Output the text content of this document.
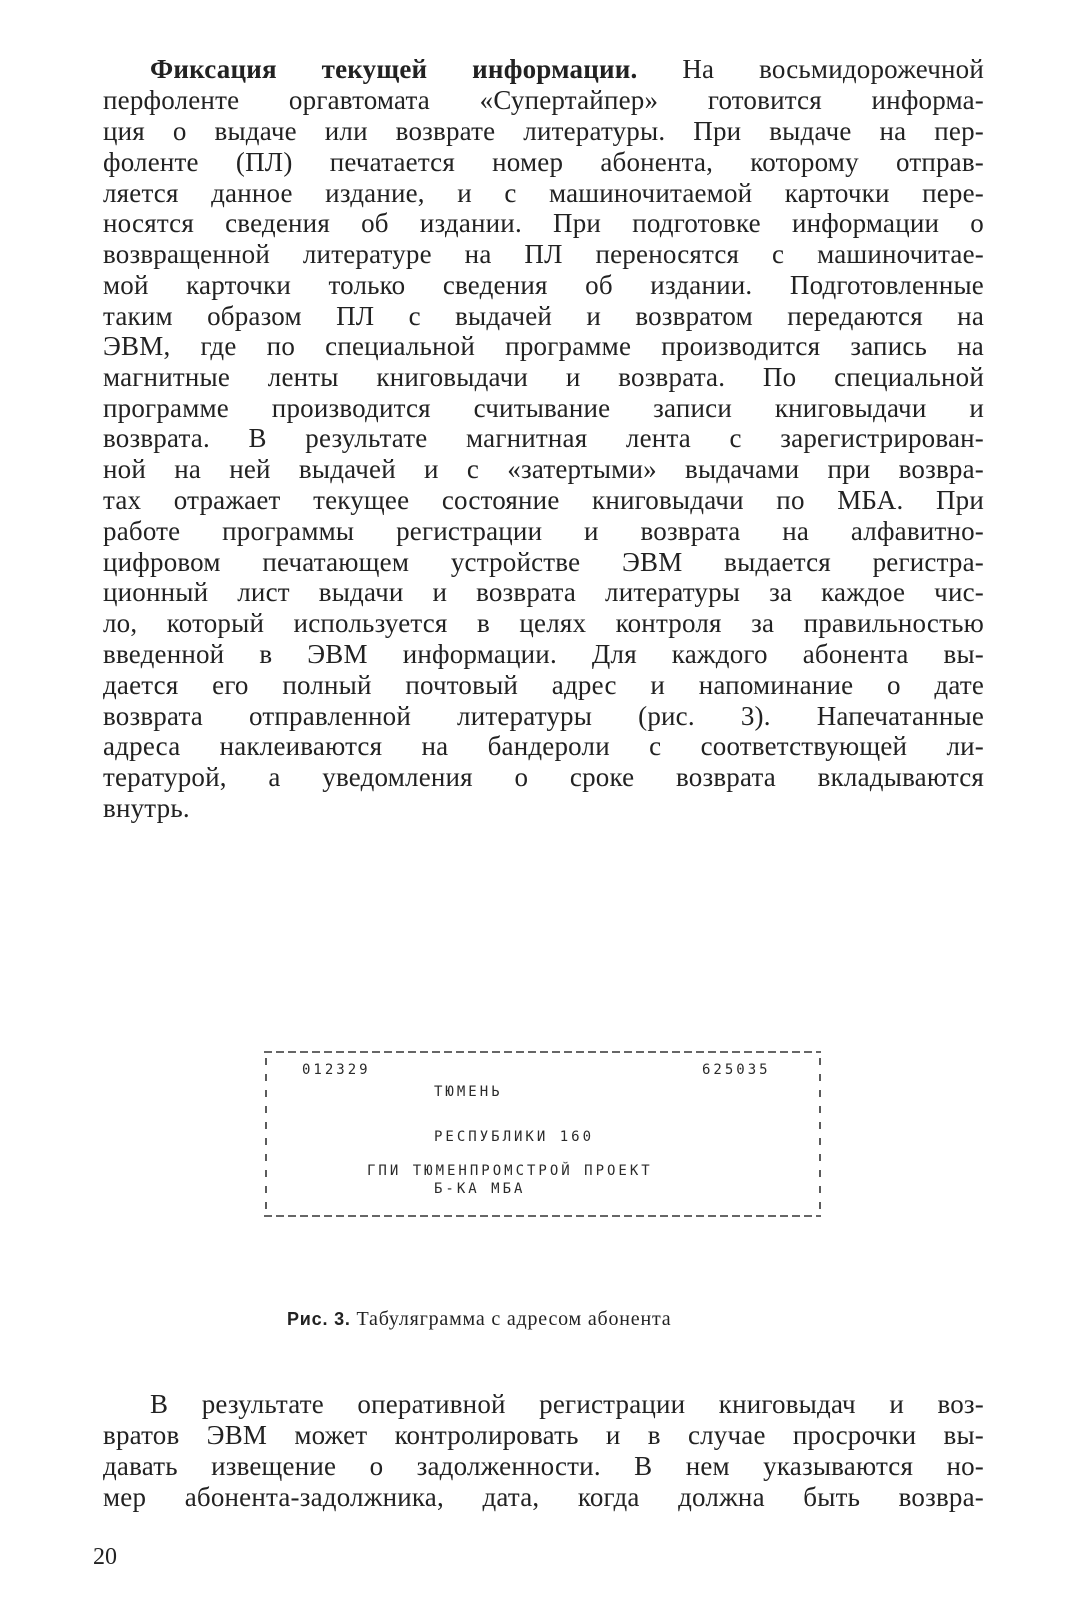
Фиксация текущей информации. На восьмидорожечной
перфоленте оргавтомата «Супертайпер» готовится информа-
ция о выдаче или возврате литературы. При выдаче на пер-
фоленте (ПЛ) печатается номер абонента, которому отправ-
ляется данное издание, и с машиночитаемой карточки пере-
носятся сведения об издании. При подготовке информации о
возвращенной литературе на ПЛ переносятся с машиночитае-
мой карточки только сведения об издании. Подготовленные
таким образом ПЛ с выдачей и возвратом передаются на
ЭВМ, где по специальной программе производится запись на
магнитные ленты книговыдачи и возврата. По специальной
программе производится считывание записи книговыдачи и
возврата. В результате магнитная лента с зарегистрирован-
ной на ней выдачей и с «затертыми» выдачами при возвра-
тах отражает текущее состояние книговыдачи по МБА. При
работе программы регистрации и возврата на алфавитно-
цифровом печатающем устройстве ЭВМ выдается регистра-
ционный лист выдачи и возврата литературы за каждое чис-
ло, который используется в целях контроля за правильностью
введенной в ЭВМ информации. Для каждого абонента вы-
дается его полный почтовый адрес и напоминание о дате
возврата отправленной литературы (рис. 3). Напечатанные
адреса наклеиваются на бандероли с соответствующей ли-
тературой, а уведомления о сроке возврата вкладываются
внутрь.
012329	625035
ТЮМЕНЬ
РЕСПУБЛИКИ 160
ГПИ ТЮМЕНПРОМСТРОЙ ПРОЕКТ
Б-КА МБА
Рис. 3. Табуляграмма с адресом абонента
В результате оперативной регистрации книговыдач и воз-
вратов ЭВМ может контролировать и в случае просрочки вы-
давать извещение о задолженности. В нем указываются но-
мер абонента-задолжника, дата, когда должна быть возвра-
20
